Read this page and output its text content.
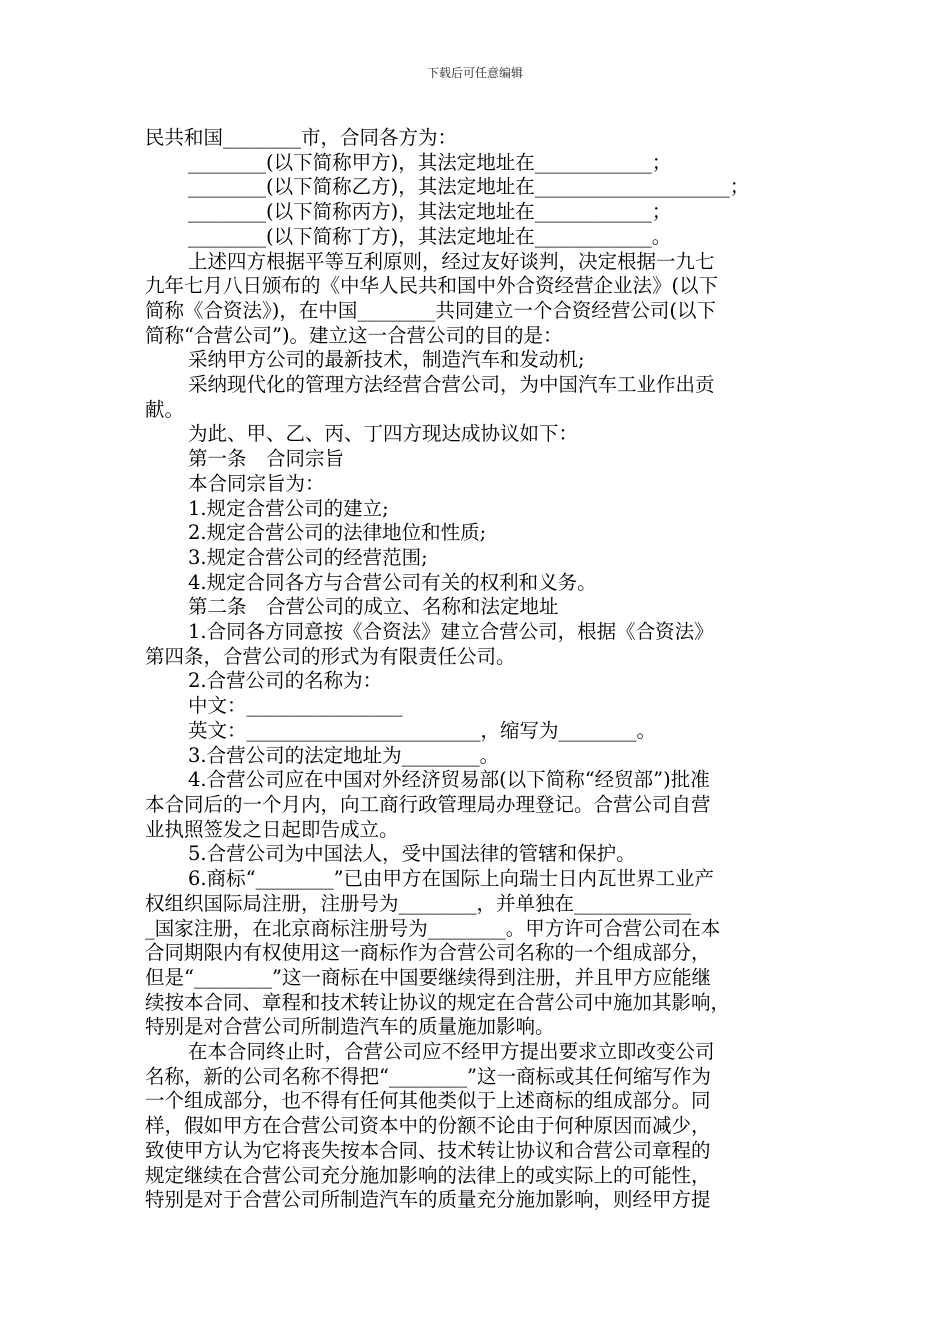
下载后可任意编辑
民共和国________市，合同各方为：
________(以下简称甲方)，其法定地址在____________；
________(以下简称乙方)，其法定地址在____________________；
________(以下简称丙方)，其法定地址在____________；
________(以下简称丁方)，其法定地址在____________。
上述四方根据平等互利原则，经过友好谈判，决定根据一九七
九年七月八日颁布的《中华人民共和国中外合资经营企业法》(以下
简称《合资法》)，在中国________共同建立一个合资经营公司(以下
简称“合营公司”)。建立这一合营公司的目的是：
采纳甲方公司的最新技术，制造汽车和发动机;
采纳现代化的管理方法经营合营公司，为中国汽车工业作出贡
献。
为此、甲、乙、丙、丁四方现达成协议如下：
第一条　合同宗旨
本合同宗旨为：
1.规定合营公司的建立;
2.规定合营公司的法律地位和性质;
3.规定合营公司的经营范围;
4.规定合同各方与合营公司有关的权利和义务。
第二条　合营公司的成立、名称和法定地址
1.合同各方同意按《合资法》建立合营公司，根据《合资法》
第四条，合营公司的形式为有限责任公司。
2.合营公司的名称为：
中文：________________
英文：________________________，缩写为________。
3.合营公司的法定地址为________。
4.合营公司应在中国对外经济贸易部(以下简称“经贸部”)批准
本合同后的一个月内，向工商行政管理局办理登记。合营公司自营
业执照签发之日起即告成立。
5.合营公司为中国法人，受中国法律的管辖和保护。
6.商标“________”已由甲方在国际上向瑞士日内瓦世界工业产
权组织国际局注册，注册号为________，并单独在____________
_国家注册，在北京商标注册号为________。甲方许可合营公司在本
合同期限内有权使用这一商标作为合营公司名称的一个组成部分，
但是“________”这一商标在中国要继续得到注册，并且甲方应能继
续按本合同、章程和技术转让协议的规定在合营公司中施加其影响，
特别是对合营公司所制造汽车的质量施加影响。
在本合同终止时，合营公司应不经甲方提出要求立即改变公司
名称，新的公司名称不得把“________”这一商标或其任何缩写作为
一个组成部分，也不得有任何其他类似于上述商标的组成部分。同
样，假如甲方在合营公司资本中的份额不论由于何种原因而减少，
致使甲方认为它将丧失按本合同、技术转让协议和合营公司章程的
规定继续在合营公司充分施加影响的法律上的或实际上的可能性，
特别是对于合营公司所制造汽车的质量充分施加影响，则经甲方提
